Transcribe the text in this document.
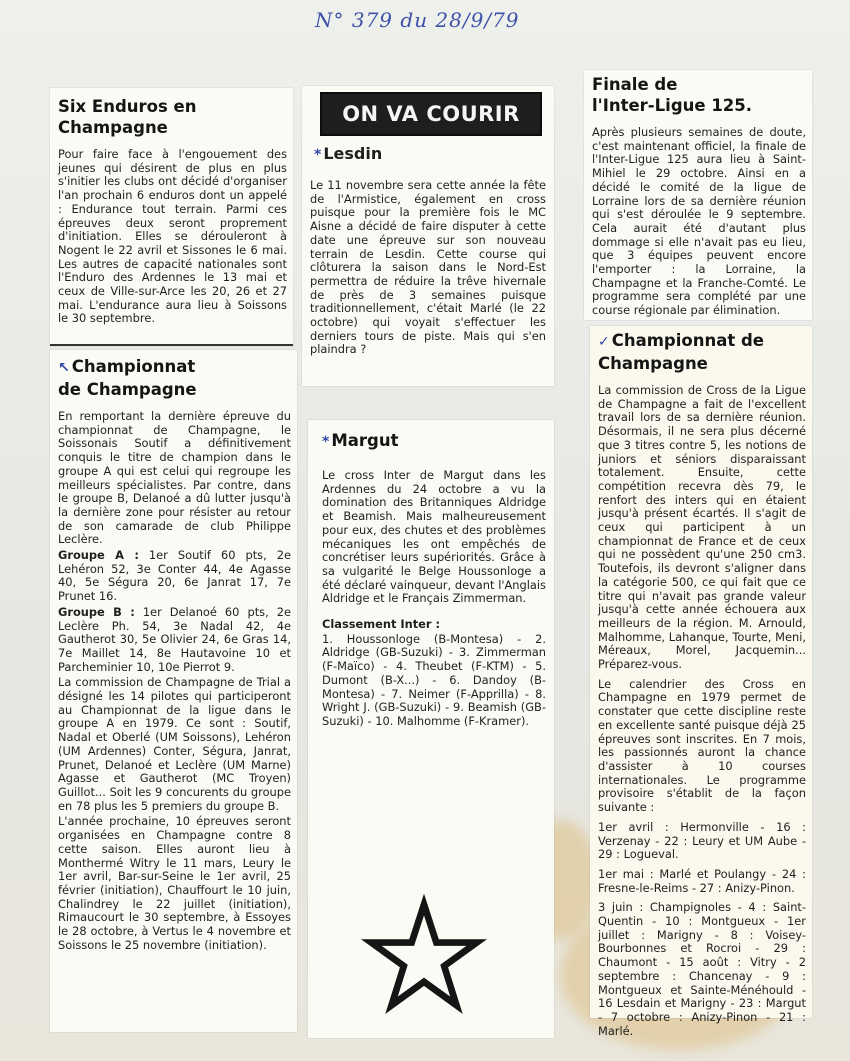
N° 379 du 28/9/79
Six Enduros en
Champagne

Pour faire face à l'engouement des jeunes qui désirent de plus en plus s'initier les clubs ont décidé d'organiser l'an prochain 6 enduros dont un appelé : Endurance tout terrain. Parmi ces épreuves deux seront proprement d'initiation. Elles se dérouleront à Nogent le 22 avril et Sissones le 6 mai. Les autres de capacité nationales sont l'Enduro des Ardennes le 13 mai et ceux de Ville-sur-Arce les 20, 26 et 27 mai. L'endurance aura lieu à Soissons le 30 septembre.

↖ Championnat
de Champagne

En remportant la dernière épreuve du championnat de Champagne, le Soissonais Soutif a définitivement conquis le titre de champion dans le groupe A qui est celui qui regroupe les meilleurs spécialistes. Par contre, dans le groupe B, Delanoé a dû lutter jusqu'à la dernière zone pour résister au retour de son camarade de club Philippe Leclère.

Groupe A : 1er Soutif 60 pts, 2e Lehéron 52, 3e Conter 44, 4e Agasse 40, 5e Ségura 20, 6e Janrat 17, 7e Prunet 16.

Groupe B : 1er Delanoé 60 pts, 2e Leclère Ph. 54, 3e Nadal 42, 4e Gautherot 30, 5e Olivier 24, 6e Gras 14, 7e Maillet 14, 8e Hautavoine 10 et Parcheminier 10, 10e Pierrot 9.

La commission de Champagne de Trial a désigné les 14 pilotes qui participeront au Championnat de la ligue dans le groupe A en 1979. Ce sont : Soutif, Nadal et Oberlé (UM Soissons), Lehéron (UM Ardennes) Conter, Ségura, Janrat, Prunet, Delanoé et Leclère (UM Marne) Agasse et Gautherot (MC Troyen) Guillot... Soit les 9 concurents du groupe en 78 plus les 5 premiers du groupe B.

L'année prochaine, 10 épreuves seront organisées en Champagne contre 8 cette saison. Elles auront lieu à Monthermé Witry le 11 mars, Leury le 1er avril, Bar-sur-Seine le 1er avril, 25 février (initiation), Chauffourt le 10 juin, Chalindrey le 22 juillet (initiation), Rimaucourt le 30 septembre, à Essoyes le 28 octobre, à Vertus le 4 novembre et Soissons le 25 novembre (initiation).

ON VA COURIR
* Lesdin

Le 11 novembre sera cette année la fête de l'Armistice, également en cross puisque pour la première fois le MC Aisne a décidé de faire disputer à cette date une épreuve sur son nouveau terrain de Lesdin. Cette course qui clôturera la saison dans le Nord-Est permettra de réduire la trêve hivernale de près de 3 semaines puisque traditionnellement, c'était Marlé (le 22 octobre) qui voyait s'effectuer les derniers tours de piste. Mais qui s'en plaindra ?

* Margut

Le cross Inter de Margut dans les Ardennes du 24 octobre a vu la domination des Britanniques Aldridge et Beamish. Mais malheureusement pour eux, des chutes et des problèmes mécaniques les ont empêchés de concrétiser leurs supériorités. Grâce à sa vulgarité le Belge Houssonloge a été déclaré vainqueur, devant l'Anglais Aldridge et le Français Zimmerman.

Classement Inter :

1. Houssonloge (B-Montesa) - 2. Aldridge (GB-Suzuki) - 3. Zimmerman (F-Maïco) - 4. Theubet (F-KTM) - 5. Dumont (B-X...) - 6. Dandoy (B-Montesa) - 7. Neimer (F-Apprilla) - 8. Wright J. (GB-Suzuki) - 9. Beamish (GB-Suzuki) - 10. Malhomme (F-Kramer).

Finale de
l'Inter-Ligue 125.

Après plusieurs semaines de doute, c'est maintenant officiel, la finale de l'Inter-Ligue 125 aura lieu à Saint-Mihiel le 29 octobre. Ainsi en a décidé le comité de la ligue de Lorraine lors de sa dernière réunion qui s'est déroulée le 9 septembre. Cela aurait été d'autant plus dommage si elle n'avait pas eu lieu, que 3 équipes peuvent encore l'emporter : la Lorraine, la Champagne et la Franche-Comté. Le programme sera complété par une course régionale par élimination.

✓ Championnat de
Champagne

La commission de Cross de la Ligue de Champagne a fait de l'excellent travail lors de sa dernière réunion. Désormais, il ne sera plus décerné que 3 titres contre 5, les notions de juniors et séniors disparaissant totalement. Ensuite, cette compétition recevra dès 79, le renfort des inters qui en étaient jusqu'à présent écartés. Il s'agit de ceux qui participent à un championnat de France et de ceux qui ne possèdent qu'une 250 cm3. Toutefois, ils devront s'aligner dans la catégorie 500, ce qui fait que ce titre qui n'avait pas grande valeur jusqu'à cette année échouera aux meilleurs de la région. M. Arnould, Malhomme, Lahanque, Tourte, Meni, Méreaux, Morel, Jacquemin... Préparez-vous.

Le calendrier des Cross en Champagne en 1979 permet de constater que cette discipline reste en excellente santé puisque déjà 25 épreuves sont inscrites. En 7 mois, les passionnés auront la chance d'assister à 10 courses internationales. Le programme provisoire s'établit de la façon suivante :

1er avril : Hermonville - 16 : Verzenay - 22 : Leury et UM Aube - 29 : Logueval.

1er mai : Marlé et Poulangy - 24 : Fresne-le-Reims - 27 : Anizy-Pinon.

3 juin : Champignoles - 4 : Saint-Quentin - 10 : Montgueux - 1er juillet : Marigny - 8 : Voisey-Bourbonnes et Rocroi - 29 : Chaumont - 15 août : Vitry - 2 septembre : Chancenay - 9 : Montgueux et Sainte-Ménéhould - 16 Lesdain et Marigny - 23 : Margut - 7 octobre : Anizy-Pinon - 21 : Marlé.
